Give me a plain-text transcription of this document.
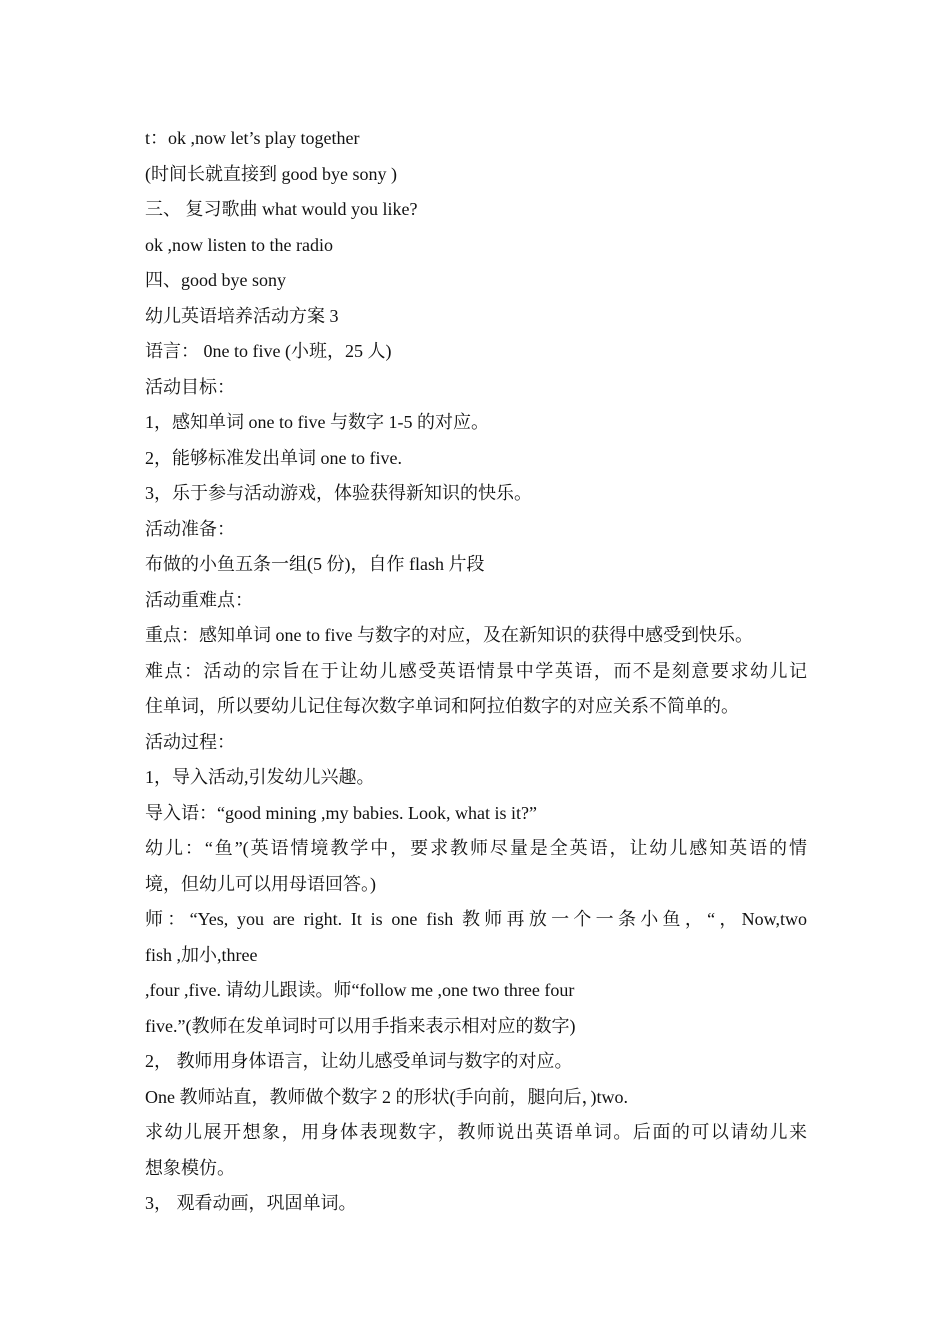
t：ok ,now let’s play together
(时间长就直接到 good bye sony )
三、 复习歌曲 what would you like?
ok ,now listen to the radio
四、good bye sony
幼儿英语培养活动方案 3
语言： 0ne to five (小班，25 人)
活动目标：
1，感知单词 one to five 与数字 1-5 的对应。
2，能够标准发出单词 one to five.
3，乐于参与活动游戏，体验获得新知识的快乐。
活动准备：
布做的小鱼五条一组(5 份)，自作 flash 片段
活动重难点：
重点：感知单词 one to five 与数字的对应，及在新知识的获得中感受到快乐。
难点：活动的宗旨在于让幼儿感受英语情景中学英语，而不是刻意要求幼儿记
住单词，所以要幼儿记住每次数字单词和阿拉伯数字的对应关系不简单的。
活动过程：
1，导入活动,引发幼儿兴趣。
导入语：“good mining ,my babies. Look, what is it?”
幼儿：“鱼”(英语情境教学中，要求教师尽量是全英语，让幼儿感知英语的情
境，但幼儿可以用母语回答。)
师：“Yes, you are right. It is one fish 教师再放一个一条小鱼，“，Now,two
fish ,加小,three
,four ,five. 请幼儿跟读。师“follow me ,one two three four
five.”(教师在发单词时可以用手指来表示相对应的数字)
2， 教师用身体语言，让幼儿感受单词与数字的对应。
One 教师站直，教师做个数字 2 的形状(手向前，腿向后，)two.
求幼儿展开想象，用身体表现数字，教师说出英语单词。后面的可以请幼儿来
想象模仿。
3， 观看动画，巩固单词。
